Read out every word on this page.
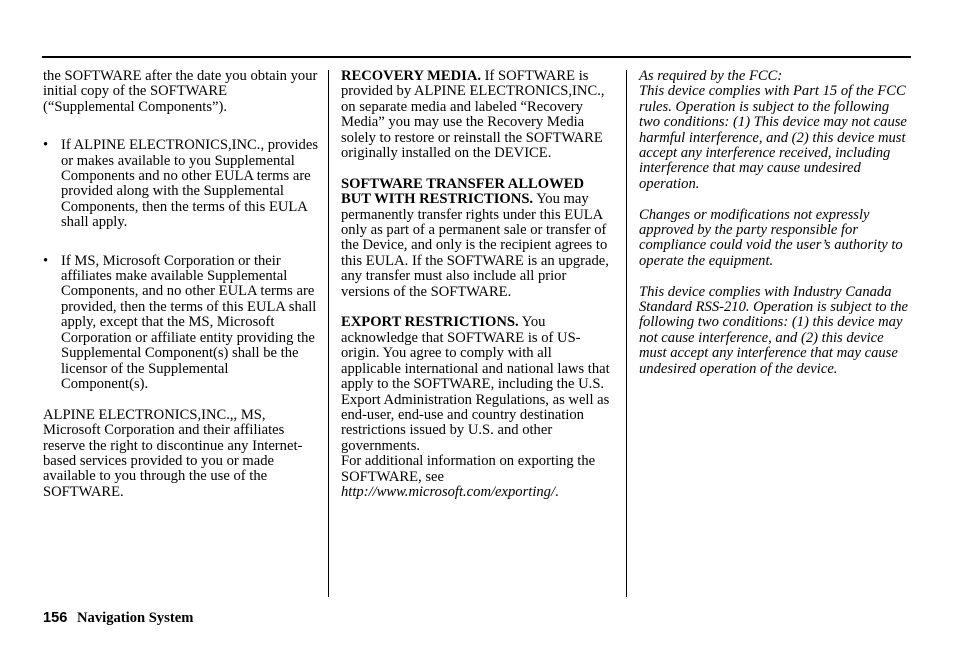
the SOFTWARE after the date you obtain your initial copy of the SOFTWARE (“Supplemental Components”).

• If ALPINE ELECTRONICS,INC., provides or makes available to you Supplemental Components and no other EULA terms are provided along with the Supplemental Components, then the terms of this EULA shall apply.

• If MS, Microsoft Corporation or their affiliates make available Supplemental Components, and no other EULA terms are provided, then the terms of this EULA shall apply, except that the MS, Microsoft Corporation or affiliate entity providing the Supplemental Component(s) shall be the licensor of the Supplemental Component(s).

ALPINE ELECTRONICS,INC.,, MS, Microsoft Corporation and their affiliates reserve the right to discontinue any Internet-based services provided to you or made available to you through the use of the SOFTWARE.

RECOVERY MEDIA. If SOFTWARE is provided by ALPINE ELECTRONICS,INC., on separate media and labeled “Recovery Media” you may use the Recovery Media solely to restore or reinstall the SOFTWARE originally installed on the DEVICE.

SOFTWARE TRANSFER ALLOWED BUT WITH RESTRICTIONS. You may permanently transfer rights under this EULA only as part of a permanent sale or transfer of the Device, and only is the recipient agrees to this EULA. If the SOFTWARE is an upgrade, any transfer must also include all prior versions of the SOFTWARE.

EXPORT RESTRICTIONS. You acknowledge that SOFTWARE is of US-origin. You agree to comply with all applicable international and national laws that apply to the SOFTWARE, including the U.S. Export Administration Regulations, as well as end-user, end-use and country destination restrictions issued by U.S. and other governments.

For additional information on exporting the SOFTWARE, see http://www.microsoft.com/exporting/.

As required by the FCC:

This device complies with Part 15 of the FCC rules. Operation is subject to the following two conditions: (1) This device may not cause harmful interference, and (2) this device must accept any interference received, including interference that may cause undesired operation.

Changes or modifications not expressly approved by the party responsible for compliance could void the user’s authority to operate the equipment.

This device complies with Industry Canada Standard RSS-210. Operation is subject to the following two conditions: (1) this device may not cause interference, and (2) this device must accept any interference that may cause undesired operation of the device.

156 Navigation System
